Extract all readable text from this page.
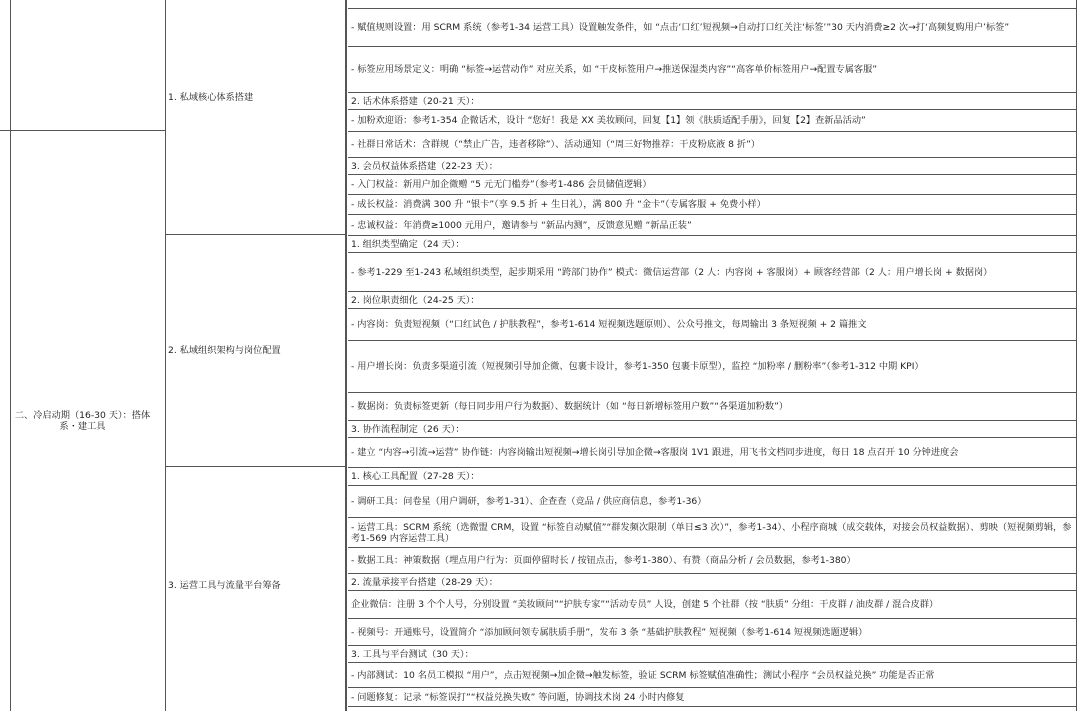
二、冷启动期（16-30 天）：搭体系・建工具
1. 私域核心体系搭建
2. 私域组织架构与岗位配置
3. 运营工具与流量平台筹备
- 赋值规则设置：用 SCRM 系统（参考1-34 运营工具）设置触发条件，如 “点击‘口红’短视频→自动打口红关注‘标签’”30 天内消费≥2 次→打‘高频复购用户’标签”
- 标签应用场景定义：明确 “标签→运营动作” 对应关系，如 “干皮标签用户→推送保湿类内容”“高客单价标签用户→配置专属客服”
2. 话术体系搭建（20-21 天）：
- 加粉欢迎语：参考1-354 企微话术，设计 “您好！我是 XX 美妆顾问，回复【1】领《肤质适配手册》，回复【2】查新品活动”
- 社群日常话术：含群规（“禁止广告，违者移除”）、活动通知（“周三好物推荐：干皮粉底液 8 折”）
3. 会员权益体系搭建（22-23 天）：
- 入门权益：新用户加企微赠 “5 元无门槛券”（参考1-486 会员储值逻辑）
- 成长权益：消费满 300 升 “银卡”（享 9.5 折 + 生日礼），满 800 升 “金卡”（专属客服 + 免费小样）
- 忠诚权益：年消费≥1000 元用户，邀请参与 “新品内测”，反馈意见赠 “新品正装”
1. 组织类型确定（24 天）：
- 参考1-229 至1-243 私域组织类型，起步期采用 “跨部门协作” 模式：微信运营部（2 人：内容岗 + 客服岗）+ 顾客经营部（2 人：用户增长岗 + 数据岗）
2. 岗位职责细化（24-25 天）：
- 内容岗：负责短视频（“口红试色 / 护肤教程”，参考1-614 短视频选题原则）、公众号推文，每周输出 3 条短视频 + 2 篇推文
- 用户增长岗：负责多渠道引流（短视频引导加企微、包裹卡设计，参考1-350 包裹卡原型），监控 “加粉率 / 删粉率”（参考1-312 中期 KPI）
- 数据岗：负责标签更新（每日同步用户行为数据）、数据统计（如 “每日新增标签用户数”“各渠道加粉数”）
3. 协作流程制定（26 天）：
- 建立 “内容→引流→运营” 协作链：内容岗输出短视频→增长岗引导加企微→客服岗 1V1 跟进，用飞书文档同步进度，每日 18 点召开 10 分钟进度会
1. 核心工具配置（27-28 天）：
- 调研工具：问卷星（用户调研，参考1-31）、企查查（竞品 / 供应商信息，参考1-36）
- 运营工具：SCRM 系统（选微盟 CRM，设置 “标签自动赋值”“群发频次限制（单日≤3 次）”，参考1-34）、小程序商城（成交载体，对接会员权益数据）、剪映（短视频剪辑，参考1-569 内容运营工具）
- 数据工具：神策数据（埋点用户行为：页面停留时长 / 按钮点击，参考1-380）、有赞（商品分析 / 会员数据，参考1-380）
2. 流量承接平台搭建（28-29 天）：
企业微信：注册 3 个个人号，分别设置 “美妆顾问”“护肤专家”“活动专员” 人设，创建 5 个社群（按 “肤质” 分组：干皮群 / 油皮群 / 混合皮群）
- 视频号：开通账号，设置简介 “添加顾问领专属肤质手册”，发布 3 条 “基础护肤教程” 短视频（参考1-614 短视频选题逻辑）
3. 工具与平台测试（30 天）：
- 内部测试：10 名员工模拟 “用户”，点击短视频→加企微→触发标签，验证 SCRM 标签赋值准确性；测试小程序 “会员权益兑换” 功能是否正常
- 问题修复：记录 “标签误打”“权益兑换失败” 等问题，协调技术岗 24 小时内修复
